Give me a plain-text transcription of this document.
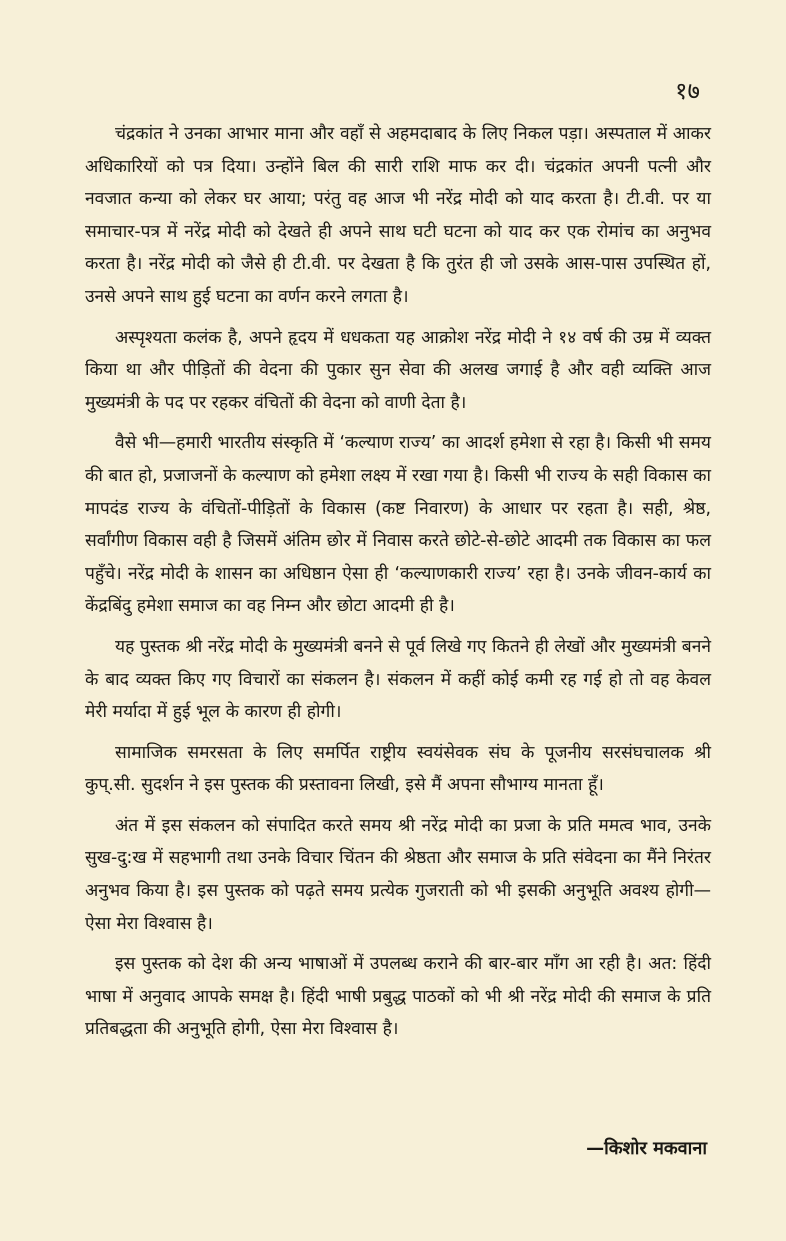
१७

चंद्रकांत ने उनका आभार माना और वहाँ से अहमदाबाद के लिए निकल पड़ा। अस्पताल में आकर अधिकारियों को पत्र दिया। उन्होंने बिल की सारी राशि माफ कर दी। चंद्रकांत अपनी पत्नी और नवजात कन्या को लेकर घर आया; परंतु वह आज भी नरेंद्र मोदी को याद करता है। टी.वी. पर या समाचार-पत्र में नरेंद्र मोदी को देखते ही अपने साथ घटी घटना को याद कर एक रोमांच का अनुभव करता है। नरेंद्र मोदी को जैसे ही टी.वी. पर देखता है कि तुरंत ही जो उसके आस-पास उपस्थित हों, उनसे अपने साथ हुई घटना का वर्णन करने लगता है।

अस्पृश्यता कलंक है, अपने हृदय में धधकता यह आक्रोश नरेंद्र मोदी ने १४ वर्ष की उम्र में व्यक्त किया था और पीड़ितों की वेदना की पुकार सुन सेवा की अलख जगाई है और वही व्यक्ति आज मुख्यमंत्री के पद पर रहकर वंचितों की वेदना को वाणी देता है।

वैसे भी—हमारी भारतीय संस्कृति में ‘कल्याण राज्य’ का आदर्श हमेशा से रहा है। किसी भी समय की बात हो, प्रजाजनों के कल्याण को हमेशा लक्ष्य में रखा गया है। किसी भी राज्य के सही विकास का मापदंड राज्य के वंचितों-पीड़ितों के विकास (कष्ट निवारण) के आधार पर रहता है। सही, श्रेष्ठ, सर्वांगीण विकास वही है जिसमें अंतिम छोर में निवास करते छोटे-से-छोटे आदमी तक विकास का फल पहुँचे। नरेंद्र मोदी के शासन का अधिष्ठान ऐसा ही ‘कल्याणकारी राज्य’ रहा है। उनके जीवन-कार्य का केंद्रबिंदु हमेशा समाज का वह निम्न और छोटा आदमी ही है।

यह पुस्तक श्री नरेंद्र मोदी के मुख्यमंत्री बनने से पूर्व लिखे गए कितने ही लेखों और मुख्यमंत्री बनने के बाद व्यक्त किए गए विचारों का संकलन है। संकलन में कहीं कोई कमी रह गई हो तो वह केवल मेरी मर्यादा में हुई भूल के कारण ही होगी।

सामाजिक समरसता के लिए समर्पित राष्ट्रीय स्वयंसेवक संघ के पूजनीय सरसंघचालक श्री कुप्.सी. सुदर्शन ने इस पुस्तक की प्रस्तावना लिखी, इसे मैं अपना सौभाग्य मानता हूँ।

अंत में इस संकलन को संपादित करते समय श्री नरेंद्र मोदी का प्रजा के प्रति ममत्व भाव, उनके सुख-दु:ख में सहभागी तथा उनके विचार चिंतन की श्रेष्ठता और समाज के प्रति संवेदना का मैंने निरंतर अनुभव किया है। इस पुस्तक को पढ़ते समय प्रत्येक गुजराती को भी इसकी अनुभूति अवश्य होगी—ऐसा मेरा विश्वास है।

इस पुस्तक को देश की अन्य भाषाओं में उपलब्ध कराने की बार-बार माँग आ रही है। अत: हिंदी भाषा में अनुवाद आपके समक्ष है। हिंदी भाषी प्रबुद्ध पाठकों को भी श्री नरेंद्र मोदी की समाज के प्रति प्रतिबद्धता की अनुभूति होगी, ऐसा मेरा विश्वास है।

—किशोर मकवाना
